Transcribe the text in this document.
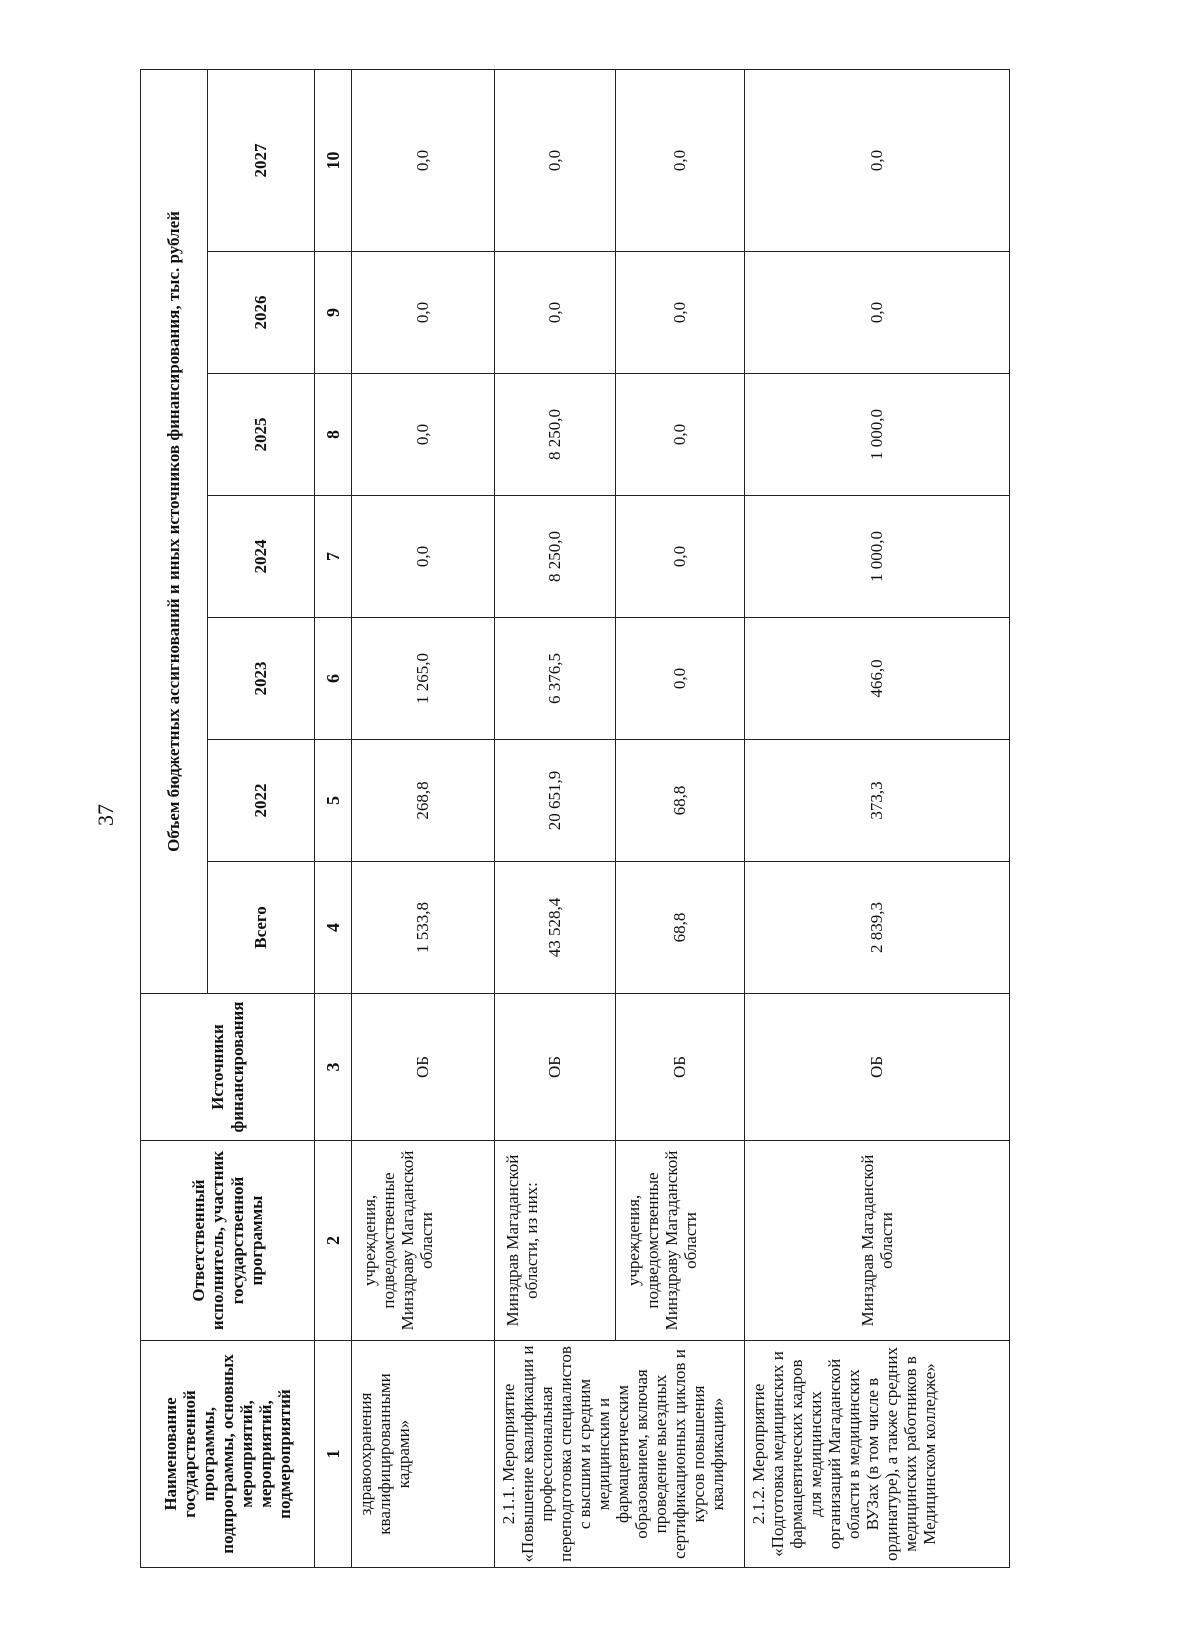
37
Наименование государственной программы, подпрограммы, основных мероприятий, мероприятий, подмероприятий	Ответственный исполнитель, участник государственной программы	Источники финансирования	Объем бюджетных ассигнований и иных источников финансирования, тыс. рублей						
			Всего	2022	2023	2024	2025	2026	2027
1	2	3	4	5	6	7	8	9	10
здравоохранения квалифицированными кадрами»	учреждения, подведомственные Минздраву Магаданской области	ОБ	1 533,8	268,8	1 265,0	0,0	0,0	0,0	0,0
2.1.1. Мероприятие «Повышение квалификации и профессиональная переподготовка специалистов с высшим и средним медицинским и фармацевтическим образованием, включая проведение выездных сертификационных циклов и курсов повышения квалификации»	Минздрав Магаданской области, из них:	ОБ	43 528,4	20 651,9	6 376,5	8 250,0	8 250,0	0,0	0,0
	учреждения, подведомственные Минздраву Магаданской области	ОБ	68,8	68,8	0,0	0,0	0,0	0,0	0,0
2.1.2. Мероприятие «Подготовка медицинских и фармацевтических кадров для медицинских организаций Магаданской области в медицинских ВУЗах (в том числе в ординатуре), а также средних медицинских работников в Медицинском колледже»	Минздрав Магаданской области	ОБ	2 839,3	373,3	466,0	1 000,0	1 000,0	0,0	0,0
